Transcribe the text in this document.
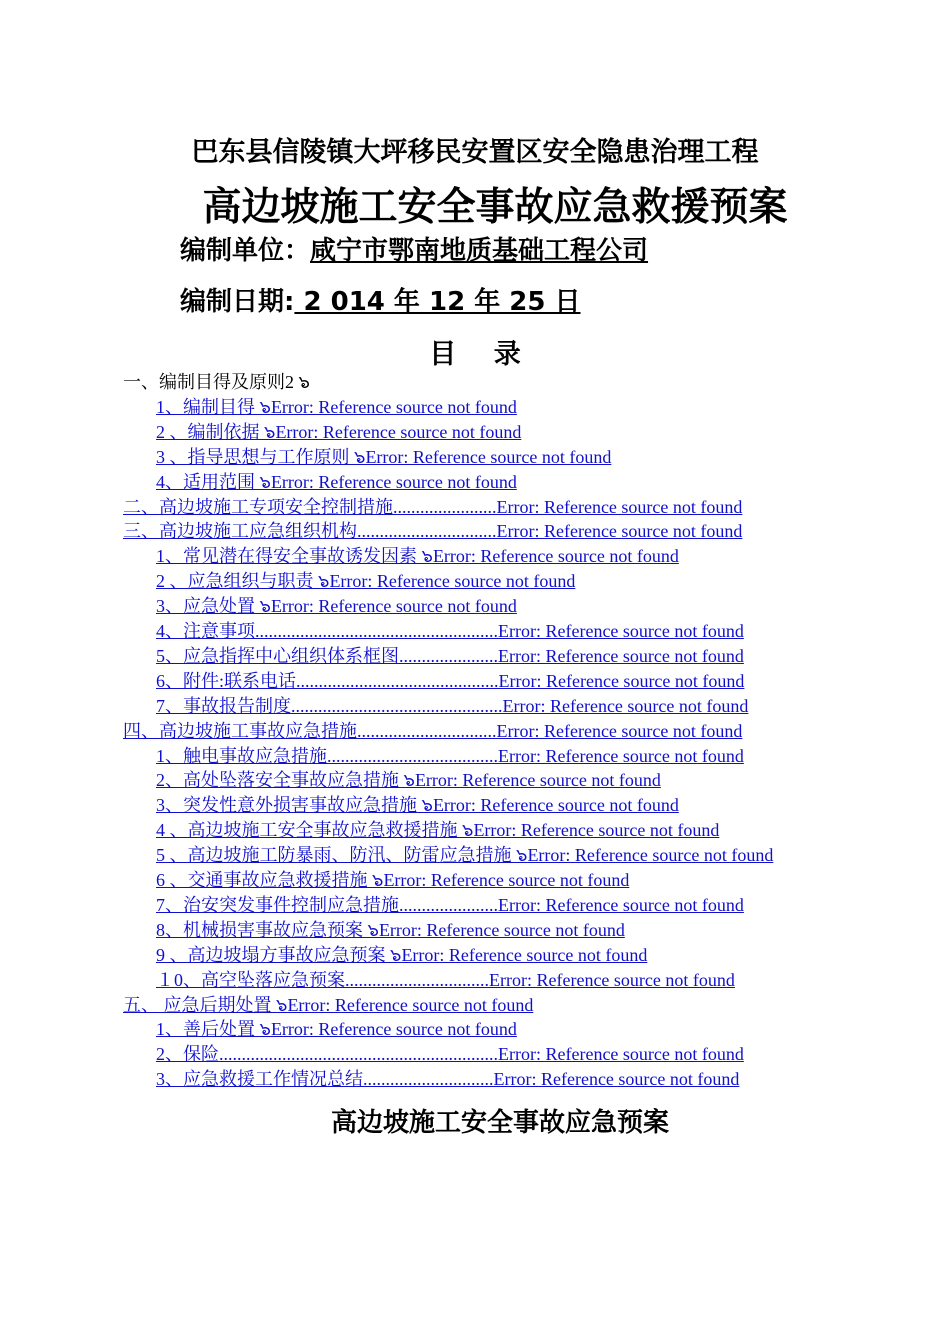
巴东县信陵镇大坪移民安置区安全隐患治理工程
高边坡施工安全事故应急救援预案
编制单位：咸宁市鄂南地质基础工程公司
编制日期: 2 014 年 12 年 25 日
目    录
一、编制目得及原则2 ๖
1、编制目得 ๖Error: Reference source not found
2 、编制依据 ๖Error: Reference source not found
3 、指导思想与工作原则 ๖Error: Reference source not found
4、适用范围 ๖Error: Reference source not found
二、高边坡施工专项安全控制措施.......................Error: Reference source not found
三、高边坡施工应急组织机构...............................Error: Reference source not found
1、常见潜在得安全事故诱发因素 ๖Error: Reference source not found
2 、应急组织与职责 ๖Error: Reference source not found
3、应急处置 ๖Error: Reference source not found
4、注意事项......................................................Error: Reference source not found
5、应急指挥中心组织体系框图......................Error: Reference source not found
6、附件:联系电话.............................................Error: Reference source not found
7、事故报告制度...............................................Error: Reference source not found
四、高边坡施工事故应急措施...............................Error: Reference source not found
1、触电事故应急措施......................................Error: Reference source not found
2、高处坠落安全事故应急措施 ๖Error: Reference source not found
3、突发性意外损害事故应急措施 ๖Error: Reference source not found
4 、高边坡施工安全事故应急救援措施 ๖Error: Reference source not found
5 、高边坡施工防暴雨、防汛、防雷应急措施 ๖Error: Reference source not found
6 、交通事故应急救援措施 ๖Error: Reference source not found
7、治安突发事件控制应急措施......................Error: Reference source not found
8、机械损害事故应急预案 ๖Error: Reference source not found
9 、高边坡塌方事故应急预案 ๖Error: Reference source not found
１0、高空坠落应急预案................................Error: Reference source not found
五、 应急后期处置 ๖Error: Reference source not found
1、善后处置 ๖Error: Reference source not found
2、保险..............................................................Error: Reference source not found
3、应急救援工作情况总结.............................Error: Reference source not found
高边坡施工安全事故应急预案
